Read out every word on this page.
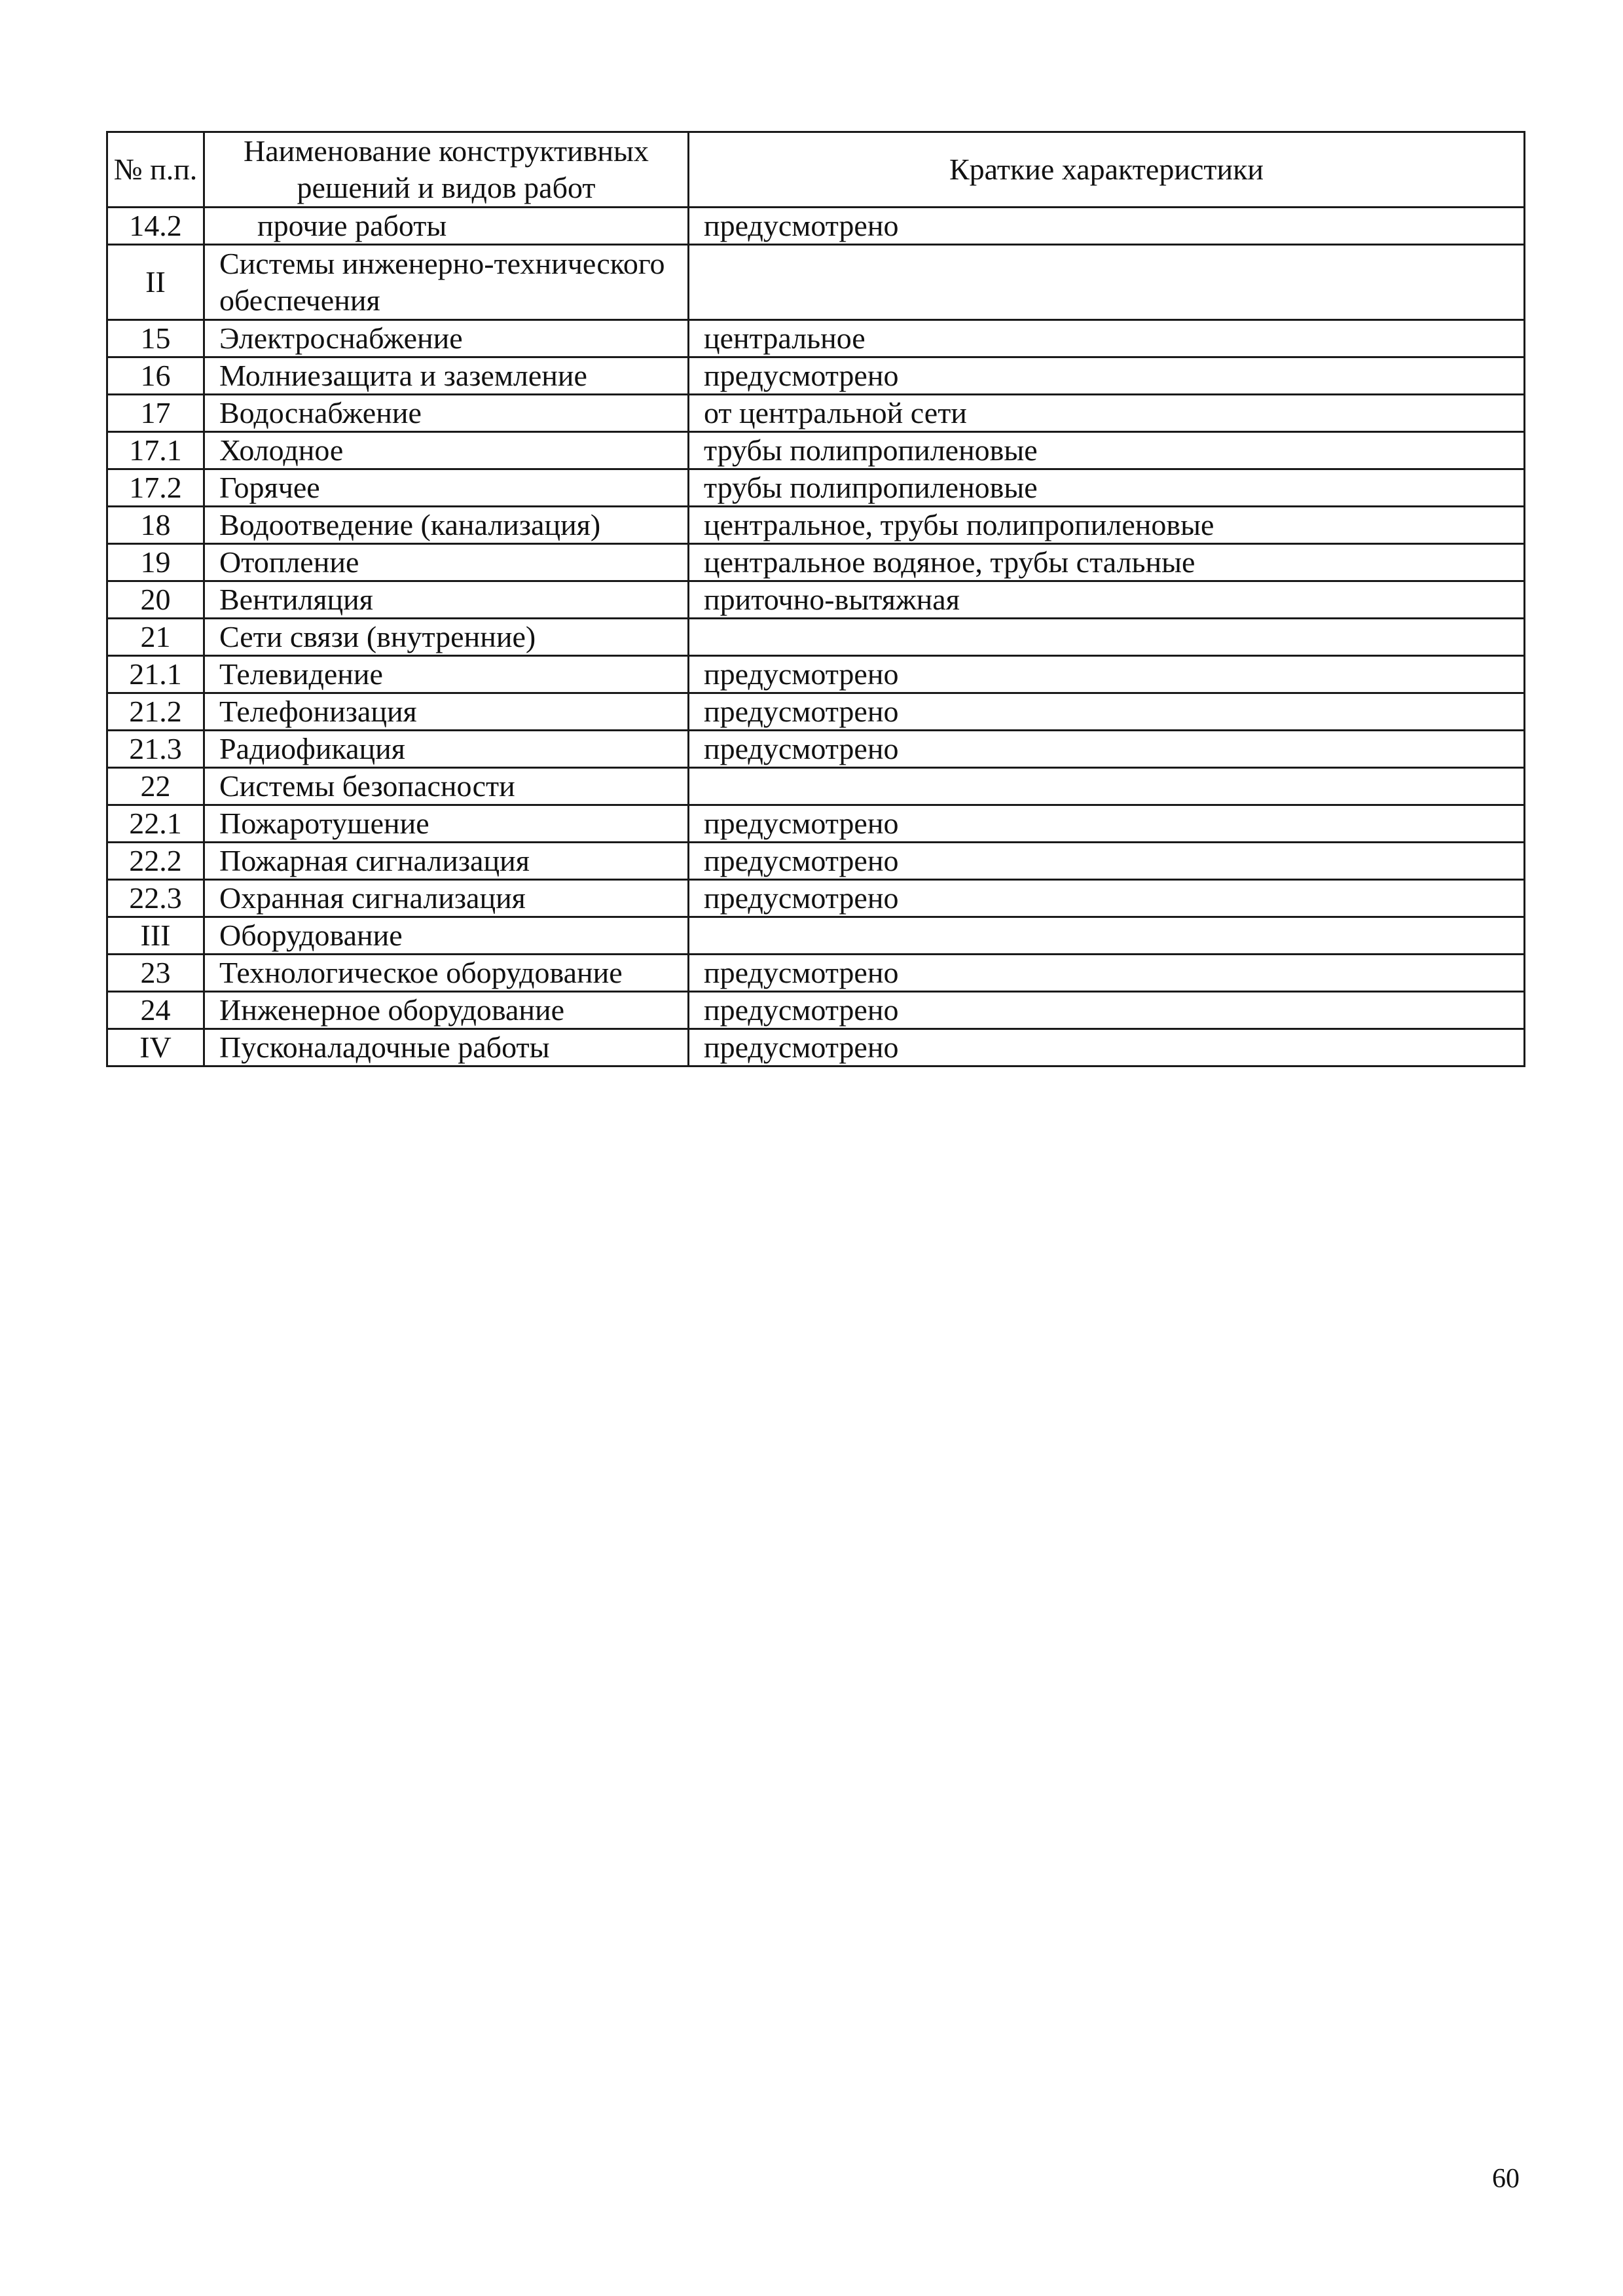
№ п.п.	Наименование конструктивных решений и видов работ	Краткие характеристики
14.2	прочие работы	предусмотрено
II	Системы инженерно-технического обеспечения	
15	Электроснабжение	центральное
16	Молниезащита и заземление	предусмотрено
17	Водоснабжение	от центральной сети
17.1	Холодное	трубы полипропиленовые
17.2	Горячее	трубы полипропиленовые
18	Водоотведение (канализация)	центральное, трубы полипропиленовые
19	Отопление	центральное водяное, трубы стальные
20	Вентиляция	приточно-вытяжная
21	Сети связи (внутренние)	
21.1	Телевидение	предусмотрено
21.2	Телефонизация	предусмотрено
21.3	Радиофикация	предусмотрено
22	Системы безопасности	
22.1	Пожаротушение	предусмотрено
22.2	Пожарная сигнализация	предусмотрено
22.3	Охранная сигнализация	предусмотрено
III	Оборудование	
23	Технологическое оборудование	предусмотрено
24	Инженерное оборудование	предусмотрено
IV	Пусконаладочные работы	предусмотрено
60
